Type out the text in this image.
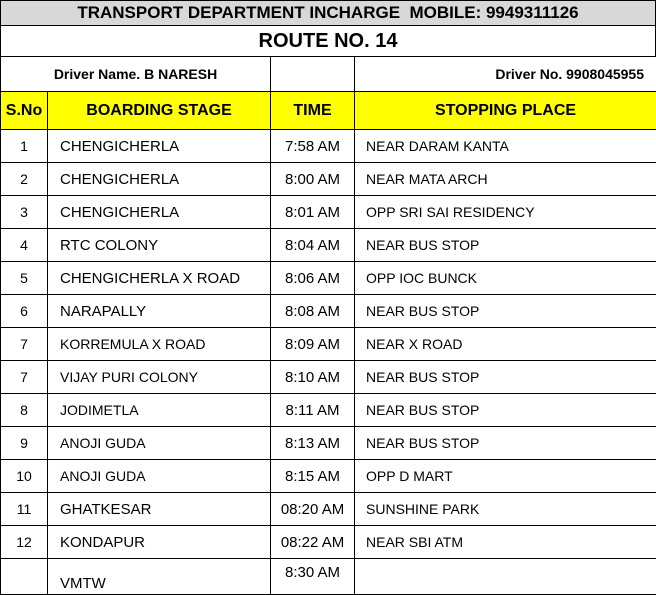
TRANSPORT DEPARTMENT INCHARGE  MOBILE: 9949311126
ROUTE NO. 14
Driver Name. B NARESH			Driver No. 9908045955
S.No	BOARDING STAGE	TIME	STOPPING PLACE
1	CHENGICHERLA	7:58 AM	NEAR DARAM KANTA
2	CHENGICHERLA	8:00 AM	NEAR MATA ARCH
3	CHENGICHERLA	8:01 AM	OPP SRI SAI RESIDENCY
4	RTC COLONY	8:04 AM	NEAR BUS STOP
5	CHENGICHERLA X ROAD	8:06 AM	OPP IOC BUNCK
6	NARAPALLY	8:08 AM	NEAR BUS STOP
7	KORREMULA X ROAD	8:09 AM	NEAR X ROAD
7	VIJAY PURI COLONY	8:10 AM	NEAR BUS STOP
8	JODIMETLA	8:11 AM	NEAR BUS STOP
9	ANOJI GUDA	8:13 AM	NEAR BUS STOP
10	ANOJI GUDA	8:15 AM	OPP D MART
11	GHATKESAR	08:20 AM	SUNSHINE PARK
12	KONDAPUR	08:22 AM	NEAR SBI ATM
	VMTW	8:30 AM	
